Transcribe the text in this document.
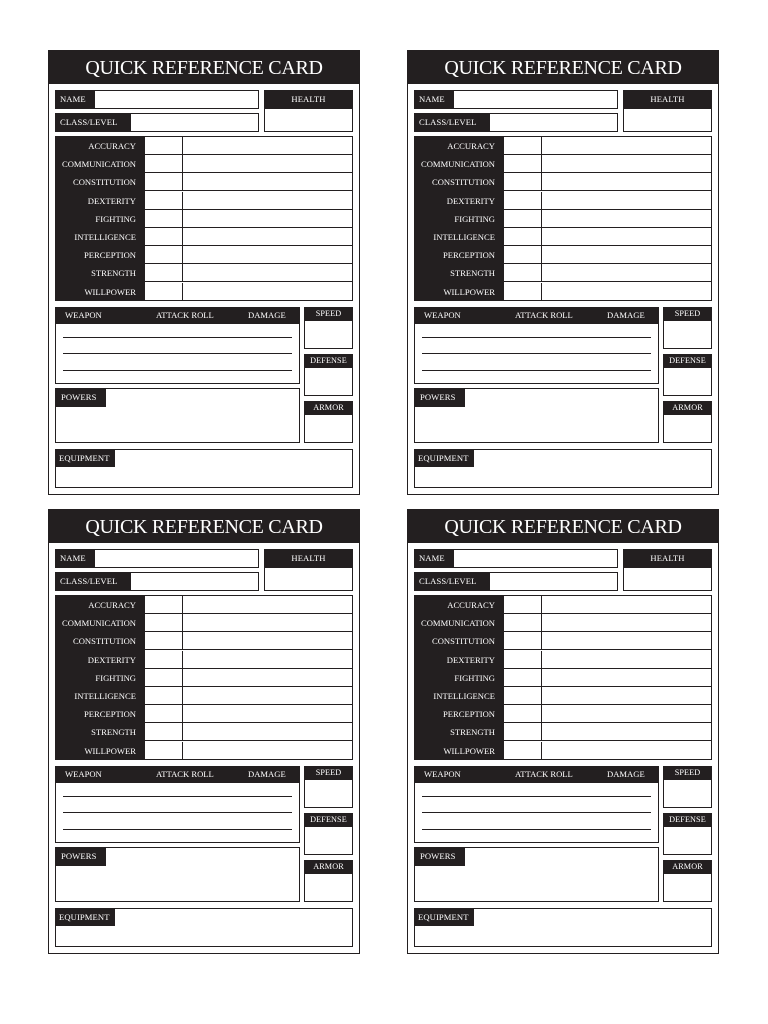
QUICK REFERENCE CARD
NAME
CLASS/LEVEL
HEALTH
ACCURACY
COMMUNICATION
CONSTITUTION
DEXTERITY
FIGHTING
INTELLIGENCE
PERCEPTION
STRENGTH
WILLPOWER
WEAPON	ATTACK ROLL	DAMAGE	SPEED
DEFENSE
ARMOR
POWERS
EQUIPMENT
QUICK REFERENCE CARD
NAME
CLASS/LEVEL
HEALTH
ACCURACY
COMMUNICATION
CONSTITUTION
DEXTERITY
FIGHTING
INTELLIGENCE
PERCEPTION
STRENGTH
WILLPOWER
WEAPON	ATTACK ROLL	DAMAGE	SPEED
DEFENSE
ARMOR
POWERS
EQUIPMENT
QUICK REFERENCE CARD
NAME
CLASS/LEVEL
HEALTH
ACCURACY
COMMUNICATION
CONSTITUTION
DEXTERITY
FIGHTING
INTELLIGENCE
PERCEPTION
STRENGTH
WILLPOWER
WEAPON	ATTACK ROLL	DAMAGE	SPEED
DEFENSE
ARMOR
POWERS
EQUIPMENT
QUICK REFERENCE CARD
NAME
CLASS/LEVEL
HEALTH
ACCURACY
COMMUNICATION
CONSTITUTION
DEXTERITY
FIGHTING
INTELLIGENCE
PERCEPTION
STRENGTH
WILLPOWER
WEAPON	ATTACK ROLL	DAMAGE	SPEED
DEFENSE
ARMOR
POWERS
EQUIPMENT
